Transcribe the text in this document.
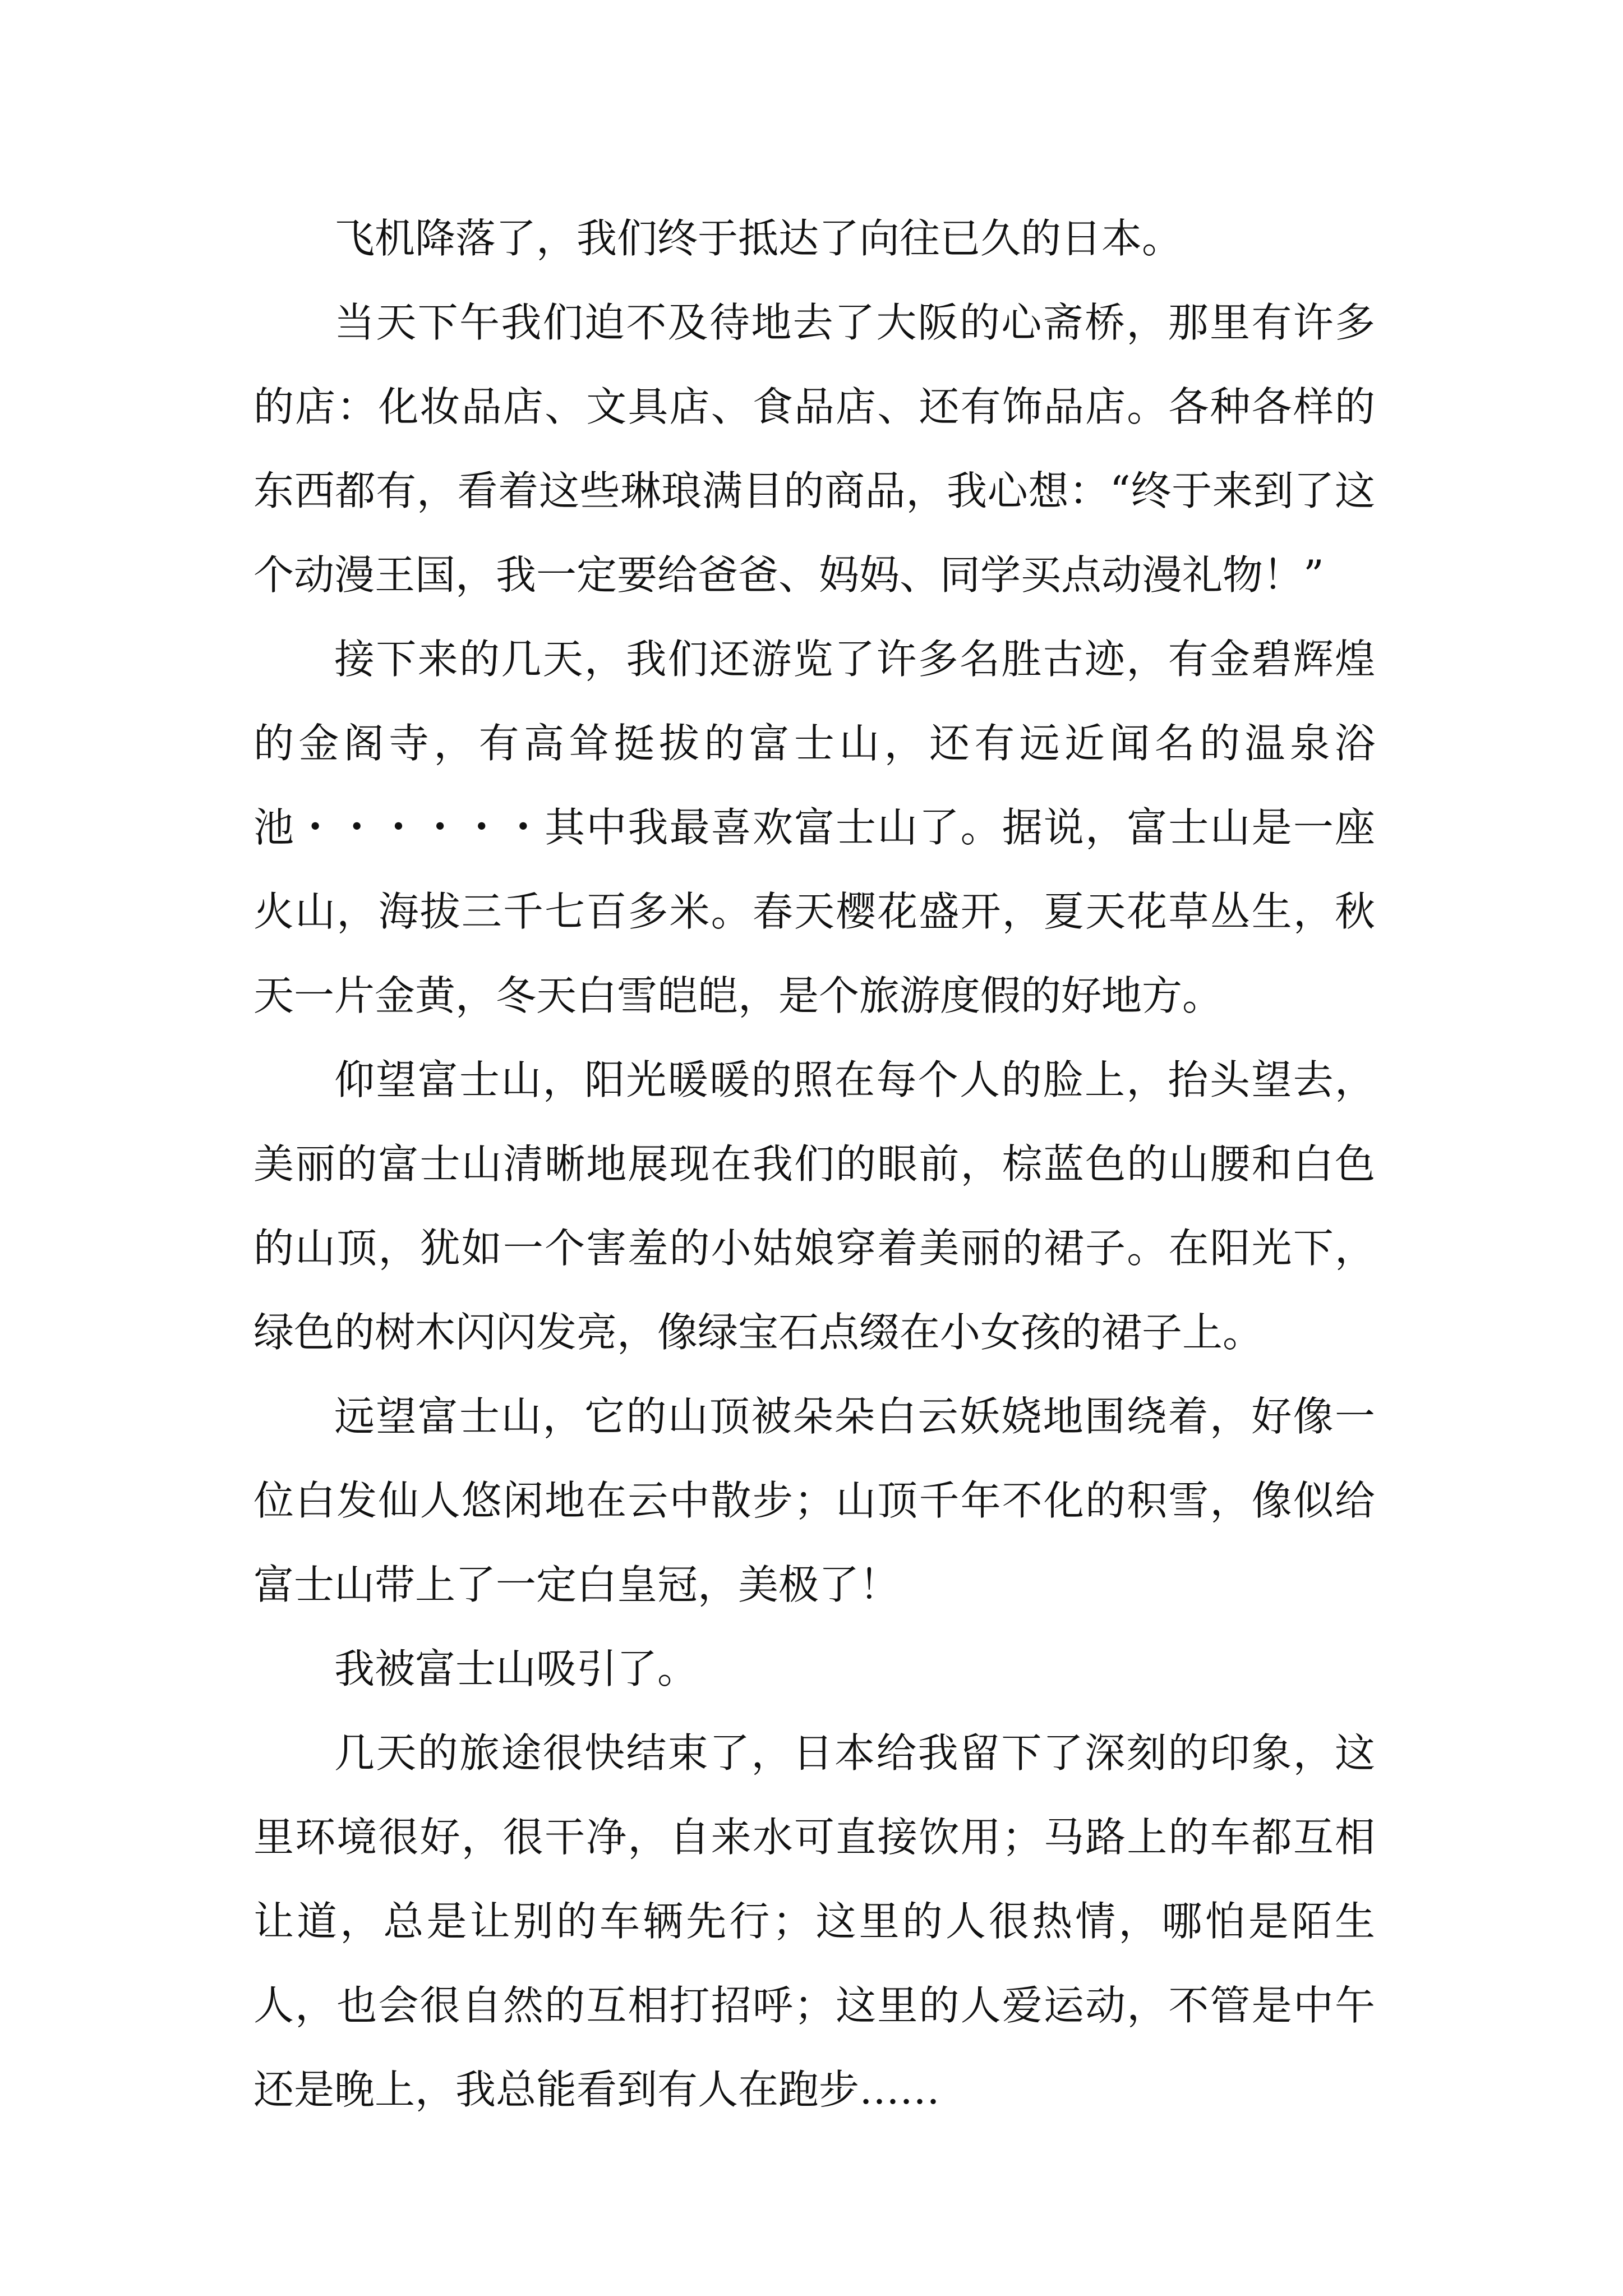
飞机降落了，我们终于抵达了向往已久的日本。

当天下午我们迫不及待地去了大阪的心斋桥，那里有许多的店：化妆品店、文具店、食品店、还有饰品店。各种各样的东西都有，看着这些琳琅满目的商品，我心想：“终于来到了这个动漫王国，我一定要给爸爸、妈妈、同学买点动漫礼物！”

接下来的几天，我们还游览了许多名胜古迹，有金碧辉煌的金阁寺，有高耸挺拔的富士山，还有远近闻名的温泉浴池・・・・・・其中我最喜欢富士山了。据说，富士山是一座火山，海拔三千七百多米。春天樱花盛开，夏天花草丛生，秋天一片金黄，冬天白雪皑皑，是个旅游度假的好地方。

仰望富士山，阳光暖暖的照在每个人的脸上，抬头望去，美丽的富士山清晰地展现在我们的眼前，棕蓝色的山腰和白色的山顶，犹如一个害羞的小姑娘穿着美丽的裙子。在阳光下，绿色的树木闪闪发亮，像绿宝石点缀在小女孩的裙子上。

远望富士山，它的山顶被朵朵白云妖娆地围绕着，好像一位白发仙人悠闲地在云中散步；山顶千年不化的积雪，像似给富士山带上了一定白皇冠，美极了！

我被富士山吸引了。

几天的旅途很快结束了，日本给我留下了深刻的印象，这里环境很好，很干净，自来水可直接饮用；马路上的车都互相让道，总是让别的车辆先行；这里的人很热情，哪怕是陌生人，也会很自然的互相打招呼；这里的人爱运动，不管是中午还是晚上，我总能看到有人在跑步……
